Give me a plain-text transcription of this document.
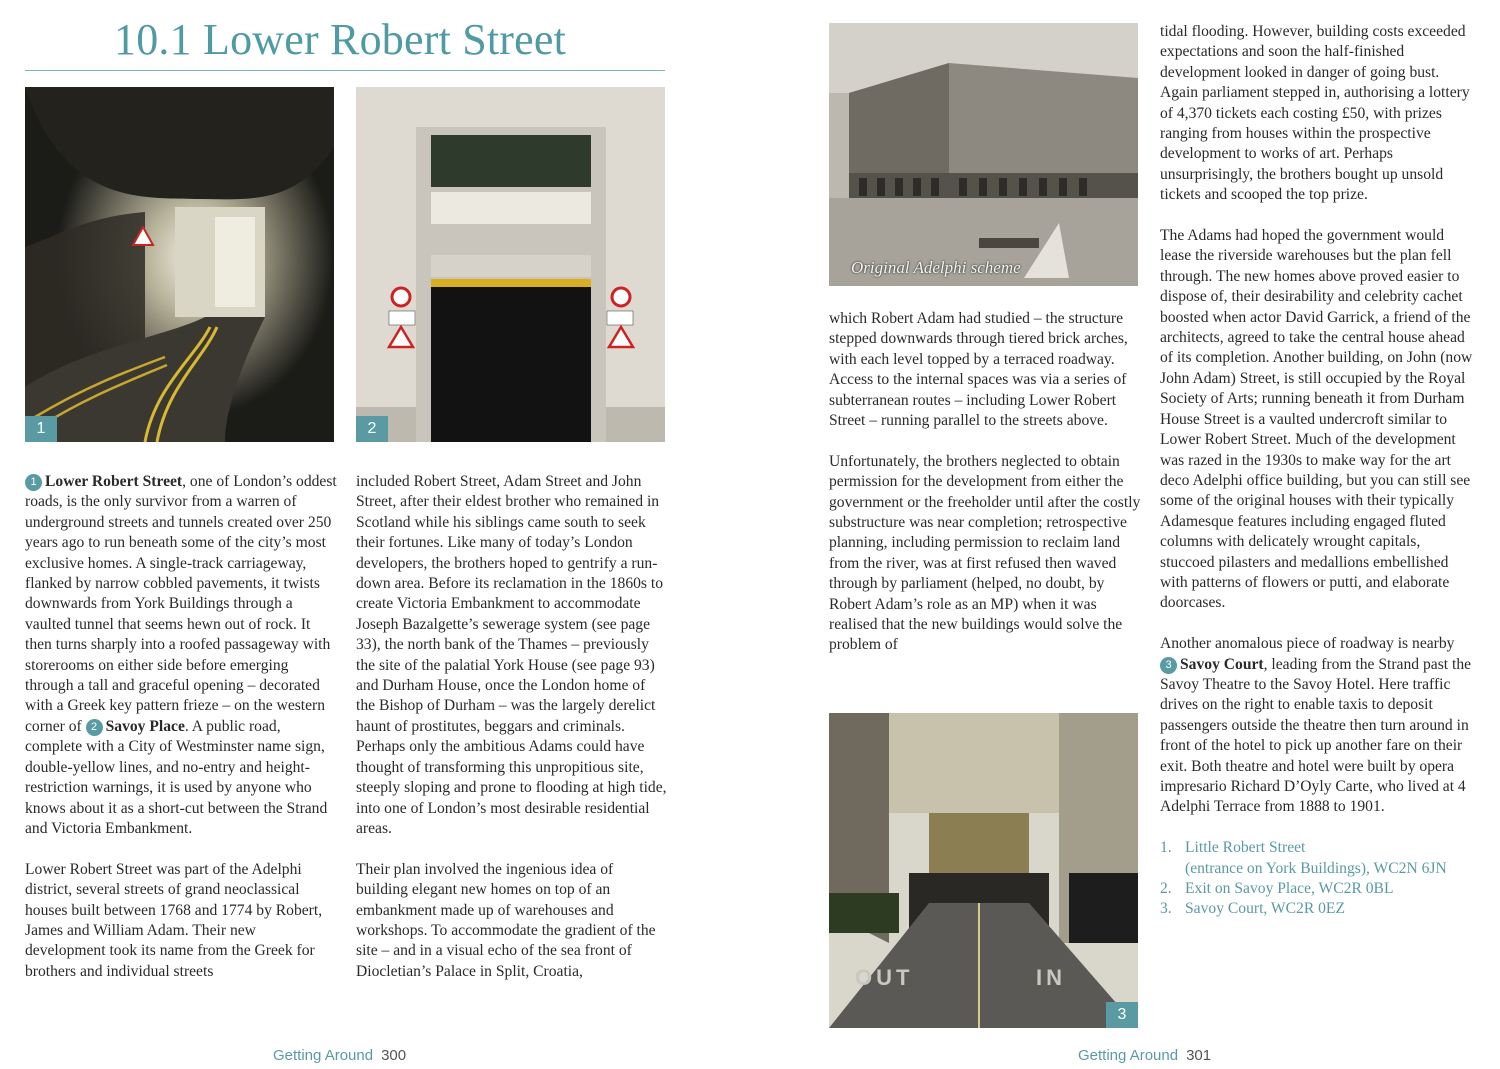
10.1 Lower Robert Street
1	2

1 Lower Robert Street, one of London’s oddest roads, is the only survivor from a warren of underground streets and tunnels created over 250 years ago to run beneath some of the city’s most exclusive homes. A single-track carriageway, flanked by narrow cobbled pavements, it twists downwards from York Buildings through a vaulted tunnel that seems hewn out of rock. It then turns sharply into a roofed passageway with storerooms on either side before emerging through a tall and graceful opening – decorated with a Greek key pattern frieze – on the western corner of 2 Savoy Place. A public road, complete with a City of Westminster name sign, double-yellow lines, and no-entry and height-restriction warnings, it is used by anyone who knows about it as a short-cut between the Strand and Victoria Embankment.

Lower Robert Street was part of the Adelphi district, several streets of grand neoclassical houses built between 1768 and 1774 by Robert, James and William Adam. Their new development took its name from the Greek for brothers and individual streets

included Robert Street, Adam Street and John Street, after their eldest brother who remained in Scotland while his siblings came south to seek their fortunes. Like many of today’s London developers, the brothers hoped to gentrify a run-down area. Before its reclamation in the 1860s to create Victoria Embankment to accommodate Joseph Bazalgette’s sewerage system (see page 33), the north bank of the Thames – previously the site of the palatial York House (see page 93) and Durham House, once the London home of the Bishop of Durham – was the largely derelict haunt of prostitutes, beggars and criminals. Perhaps only the ambitious Adams could have thought of transforming this unpropitious site, steeply sloping and prone to flooding at high tide, into one of London’s most desirable residential areas.

Their plan involved the ingenious idea of building elegant new homes on top of an embankment made up of warehouses and workshops. To accommodate the gradient of the site – and in a visual echo of the sea front of Diocletian’s Palace in Split, Croatia,

Getting Around 300
Original Adelphi scheme
OUT	IN
3

which Robert Adam had studied – the structure stepped downwards through tiered brick arches, with each level topped by a terraced roadway. Access to the internal spaces was via a series of subterranean routes – including Lower Robert Street – running parallel to the streets above.

Unfortunately, the brothers neglected to obtain permission for the development from either the government or the freeholder until after the costly substructure was near completion; retrospective planning, including permission to reclaim land from the river, was at first refused then waved through by parliament (helped, no doubt, by Robert Adam’s role as an MP) when it was realised that the new buildings would solve the problem of

tidal flooding. However, building costs exceeded expectations and soon the half-finished development looked in danger of going bust. Again parliament stepped in, authorising a lottery of 4,370 tickets each costing £50, with prizes ranging from houses within the prospective development to works of art. Perhaps unsurprisingly, the brothers bought up unsold tickets and scooped the top prize.

The Adams had hoped the government would lease the riverside warehouses but the plan fell through. The new homes above proved easier to dispose of, their desirability and celebrity cachet boosted when actor David Garrick, a friend of the architects, agreed to take the central house ahead of its completion. Another building, on John (now John Adam) Street, is still occupied by the Royal Society of Arts; running beneath it from Durham House Street is a vaulted undercroft similar to Lower Robert Street. Much of the development was razed in the 1930s to make way for the art deco Adelphi office building, but you can still see some of the original houses with their typically Adamesque features including engaged fluted columns with delicately wrought capitals, stuccoed pilasters and medallions embellished with patterns of flowers or putti, and elaborate doorcases.

Another anomalous piece of roadway is nearby 3 Savoy Court, leading from the Strand past the Savoy Theatre to the Savoy Hotel. Here traffic drives on the right to enable taxis to deposit passengers outside the theatre then turn around in front of the hotel to pick up another fare on their exit. Both theatre and hotel were built by opera impresario Richard D’Oyly Carte, who lived at 4 Adelphi Terrace from 1888 to 1901.

1. Little Robert Street
(entrance on York Buildings), WC2N 6JN
2. Exit on Savoy Place, WC2R 0BL
3. Savoy Court, WC2R 0EZ
Getting Around 301
